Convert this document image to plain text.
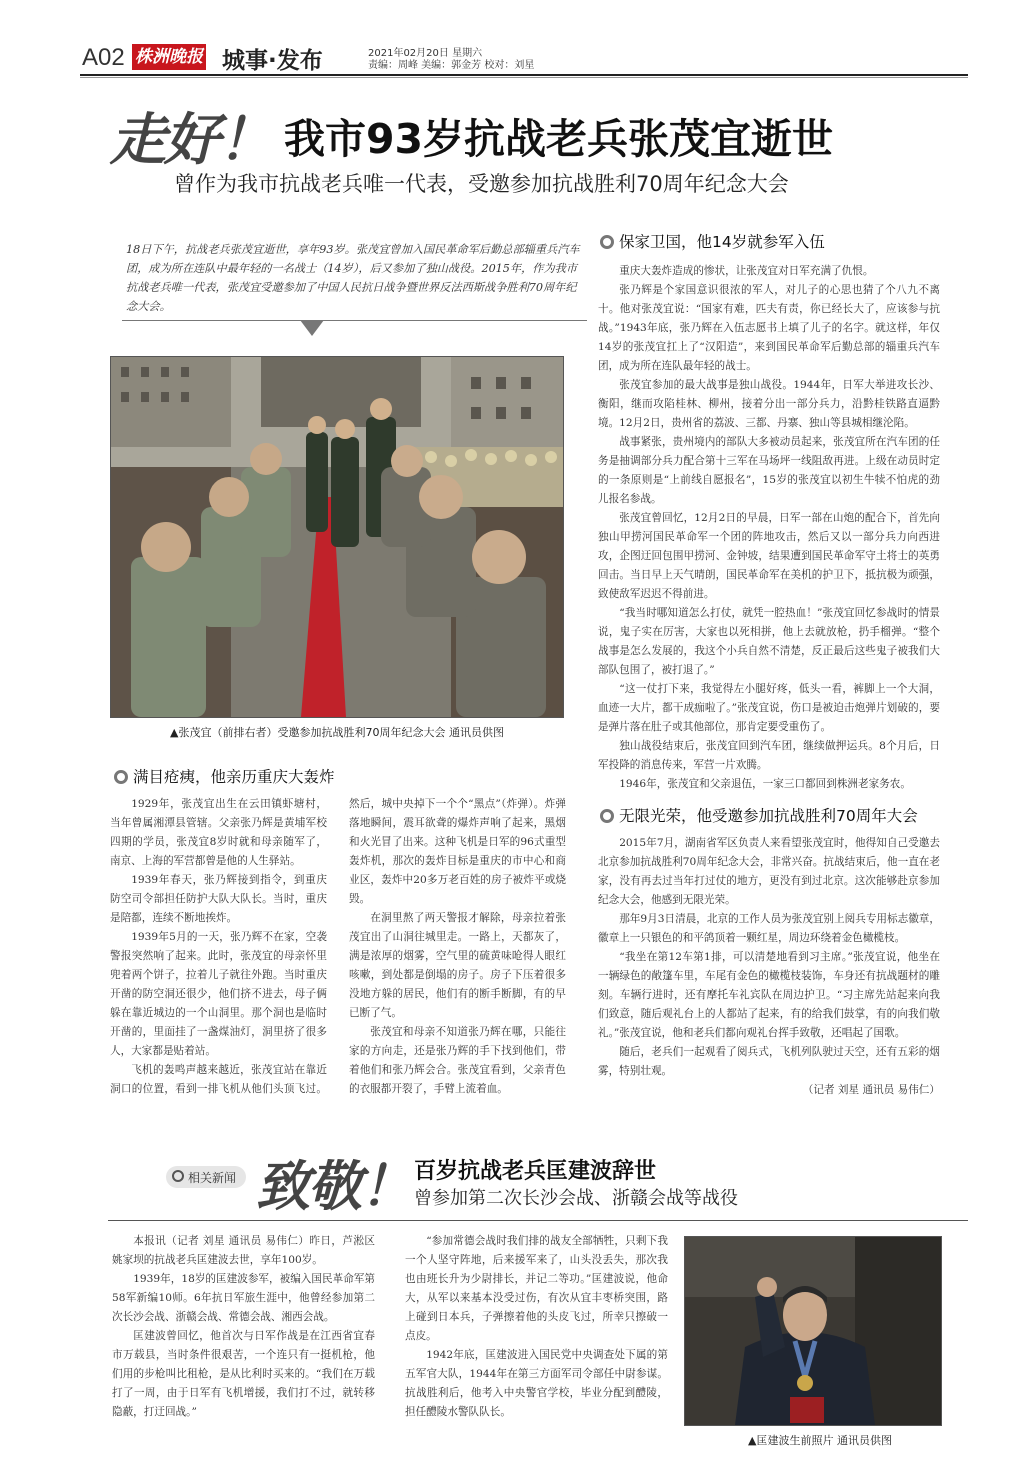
A02 株洲晚报 城事·发布	2021年02月20日 星期六
责编：周峰 美编：郭金芳 校对：刘星
走好！ 我市93岁抗战老兵张茂宜逝世
曾作为我市抗战老兵唯一代表，受邀参加抗战胜利70周年纪念大会
18日下午，抗战老兵张茂宜逝世，享年93岁。张茂宜曾加入国民革命军后勤总部辎重兵汽车团，成为所在连队中最年轻的一名战士（14岁），后又参加了独山战役。2015年，作为我市抗战老兵唯一代表，张茂宜受邀参加了中国人民抗日战争暨世界反法西斯战争胜利70周年纪念大会。
▲张茂宜（前排右者）受邀参加抗战胜利70周年纪念大会 通讯员供图
满目疮痍，他亲历重庆大轰炸

1929年，张茂宜出生在云田镇虾塘村，当年曾属湘潭县管辖。父亲张乃辉是黄埔军校四期的学员，张茂宜8岁时就和母亲随军了，南京、上海的军营都曾是他的人生驿站。

1939年春天，张乃辉接到指令，到重庆防空司令部担任防护大队大队长。当时，重庆是陪都，连续不断地挨炸。

1939年5月的一天，张乃辉不在家，空袭警报突然响了起来。此时，张茂宜的母亲怀里兜着两个饼子，拉着儿子就往外跑。当时重庆开凿的防空洞还很少，他们挤不进去，母子俩躲在靠近城边的一个山洞里。那个洞也是临时开凿的，里面挂了一盏煤油灯，洞里挤了很多人，大家都是贴着站。

飞机的轰鸣声越来越近，张茂宜站在靠近洞口的位置，看到一排飞机从他们头顶飞过。然后，城中央掉下一个个“黑点”（炸弹）。炸弹落地瞬间，震耳欲聋的爆炸声响了起来，黑烟和火光冒了出来。这种飞机是日军的96式重型轰炸机，那次的轰炸目标是重庆的市中心和商业区，轰炸中20多万老百姓的房子被炸平或烧毁。

在洞里熬了两天警报才解除，母亲拉着张茂宜出了山洞往城里走。一路上，天都灰了，满是浓厚的烟雾，空气里的硫黄味呛得人眼红咳嗽，到处都是倒塌的房子。房子下压着很多没地方躲的居民，他们有的断手断脚，有的早已断了气。

张茂宜和母亲不知道张乃辉在哪，只能往家的方向走，还是张乃辉的手下找到他们，带着他们和张乃辉会合。张茂宜看到，父亲青色的衣服都开裂了，手臂上流着血。

保家卫国，他14岁就参军入伍

重庆大轰炸造成的惨状，让张茂宜对日军充满了仇恨。

张乃辉是个家国意识很浓的军人，对儿子的心思也猜了个八九不离十。他对张茂宜说：“国家有难，匹夫有责，你已经长大了，应该参与抗战。”1943年底，张乃辉在入伍志愿书上填了儿子的名字。就这样，年仅14岁的张茂宜扛上了“汉阳造”，来到国民革命军后勤总部的辎重兵汽车团，成为所在连队最年轻的战士。

张茂宜参加的最大战事是独山战役。1944年，日军大举进攻长沙、衡阳，继而攻陷桂林、柳州，接着分出一部分兵力，沿黔桂铁路直逼黔境。12月2日，贵州省的荔波、三都、丹寨、独山等县城相继沦陷。

战事紧张，贵州境内的部队大多被动员起来，张茂宜所在汽车团的任务是抽调部分兵力配合第十三军在马场坪一线阻敌再进。上级在动员时定的一条原则是“上前线自愿报名”，15岁的张茂宜以初生牛犊不怕虎的劲儿报名参战。

张茂宜曾回忆，12月2日的早晨，日军一部在山炮的配合下，首先向独山甲捞河国民革命军一个团的阵地攻击，然后又以一部分兵力向西进攻，企图迂回包围甲捞河、金钟坡，结果遭到国民革命军守土将士的英勇回击。当日早上天气晴朗，国民革命军在美机的护卫下，抵抗极为顽强，致使敌军迟迟不得前进。

“我当时哪知道怎么打仗，就凭一腔热血！”张茂宜回忆参战时的情景说，鬼子实在厉害，大家也以死相拼，他上去就放枪，扔手榴弹。“整个战事是怎么发展的，我这个小兵自然不清楚，反正最后这些鬼子被我们大部队包围了，被打退了。”

“这一仗打下来，我觉得左小腿好疼，低头一看，裤脚上一个大洞，血迹一大片，都干成痂啦了。”张茂宜说，伤口是被迫击炮弹片划破的，要是弹片落在肚子或其他部位，那肯定要受重伤了。

独山战役结束后，张茂宜回到汽车团，继续做押运兵。8个月后，日军投降的消息传来，军营一片欢腾。

1946年，张茂宜和父亲退伍，一家三口都回到株洲老家务农。

无限光荣，他受邀参加抗战胜利70周年大会

2015年7月，湖南省军区负责人来看望张茂宜时，他得知自己受邀去北京参加抗战胜利70周年纪念大会，非常兴奋。抗战结束后，他一直在老家，没有再去过当年打过仗的地方，更没有到过北京。这次能够赴京参加纪念大会，他感到无限光荣。

那年9月3日清晨，北京的工作人员为张茂宜别上阅兵专用标志徽章，徽章上一只银色的和平鸽顶着一颗红星，周边环绕着金色橄榄枝。

“我坐在第12车第1排，可以清楚地看到习主席。”张茂宜说，他坐在一辆绿色的敞篷车里，车尾有金色的橄榄枝装饰，车身还有抗战题材的雕刻。车辆行进时，还有摩托车礼宾队在周边护卫。“习主席先站起来向我们致意，随后观礼台上的人都站了起来，有的给我们鼓掌，有的向我们敬礼。”张茂宜说，他和老兵们都向观礼台挥手致敬，还唱起了国歌。

随后，老兵们一起观看了阅兵式，飞机列队驶过天空，还有五彩的烟雾，特别壮观。

（记者 刘星 通讯员 易伟仁）

相关新闻 致敬！ 百岁抗战老兵匡建波辞世
曾参加第二次长沙会战、浙赣会战等战役

本报讯（记者 刘星 通讯员 易伟仁）昨日，芦淞区姚家坝的抗战老兵匡建波去世，享年100岁。

1939年，18岁的匡建波参军，被编入国民革命军第58军新编10师。6年抗日军旅生涯中，他曾经参加第二次长沙会战、浙赣会战、常德会战、湘西会战。

匡建波曾回忆，他首次与日军作战是在江西省宜春市万载县，当时条件很艰苦，一个连只有一挺机枪，他们用的步枪叫比租枪，是从比利时买来的。“我们在万载打了一周，由于日军有飞机增援，我们打不过，就转移隐蔽，打迂回战。”

“参加常德会战时我们排的战友全部牺牲，只剩下我一个人坚守阵地，后来援军来了，山头没丢失，那次我也由班长升为少尉排长，并记二等功。”匡建波说，他命大，从军以来基本没受过伤，有次从宜丰枣桥突围，路上碰到日本兵，子弹擦着他的头皮飞过，所幸只擦破一点皮。

1942年底，匡建波进入国民党中央调查处下属的第五军官大队，1944年在第三方面军司令部任中尉参谋。抗战胜利后，他考入中央警官学校，毕业分配到醴陵，担任醴陵水警队队长。

▲匡建波生前照片 通讯员供图
